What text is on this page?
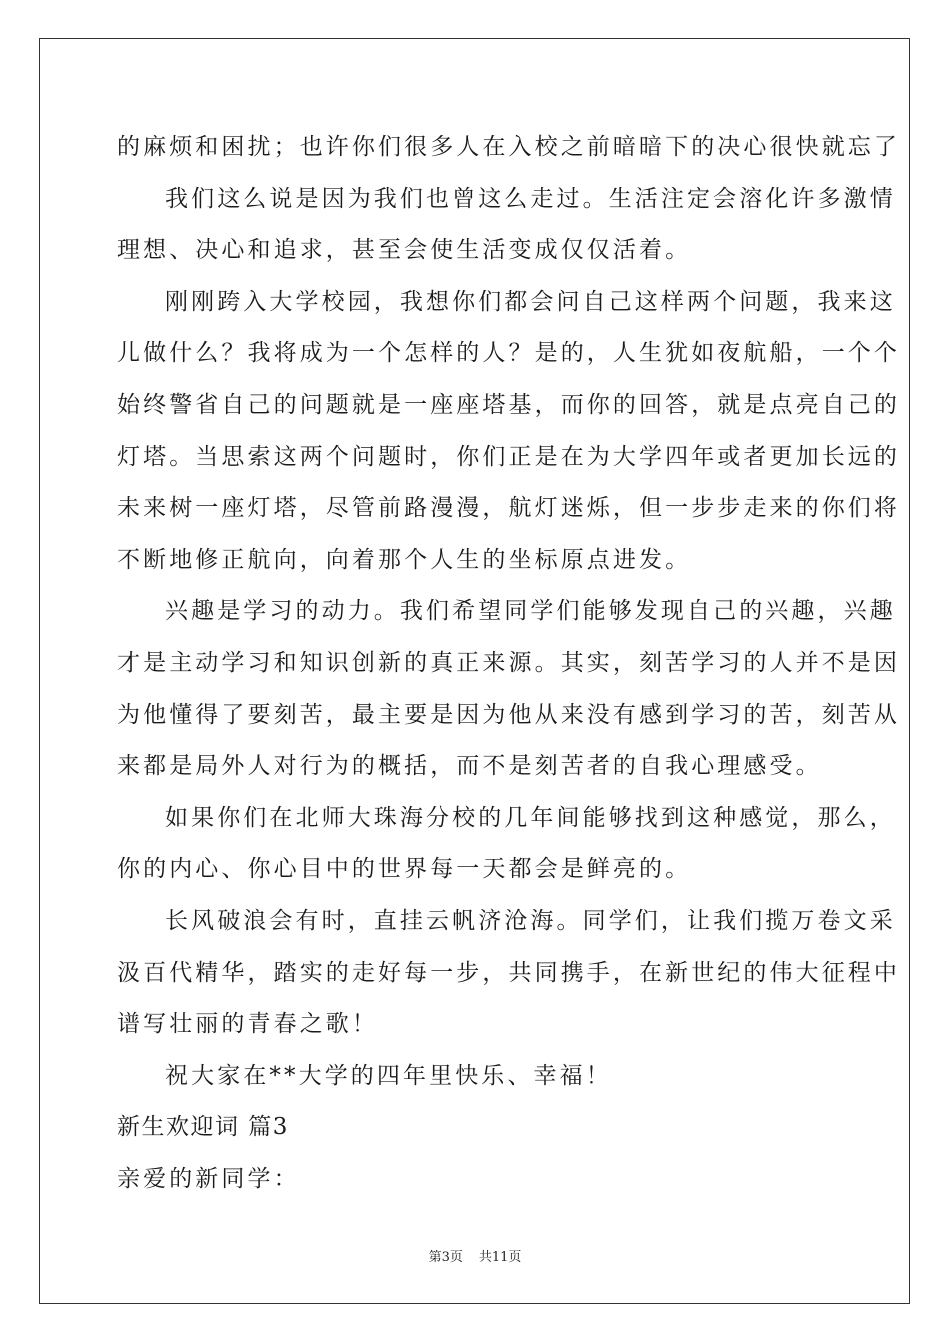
的麻烦和困扰；也许你们很多人在入校之前暗暗下的决心很快就忘了
我们这么说是因为我们也曾这么走过。生活注定会溶化许多激情
理想、决心和追求，甚至会使生活变成仅仅活着。
刚刚跨入大学校园，我想你们都会问自己这样两个问题，我来这
儿做什么？我将成为一个怎样的人？是的，人生犹如夜航船，一个个
始终警省自己的问题就是一座座塔基，而你的回答，就是点亮自己的
灯塔。当思索这两个问题时，你们正是在为大学四年或者更加长远的
未来树一座灯塔，尽管前路漫漫，航灯迷烁，但一步步走来的你们将
不断地修正航向，向着那个人生的坐标原点进发。
兴趣是学习的动力。我们希望同学们能够发现自己的兴趣，兴趣
才是主动学习和知识创新的真正来源。其实，刻苦学习的人并不是因
为他懂得了要刻苦，最主要是因为他从来没有感到学习的苦，刻苦从
来都是局外人对行为的概括，而不是刻苦者的自我心理感受。
如果你们在北师大珠海分校的几年间能够找到这种感觉，那么，
你的内心、你心目中的世界每一天都会是鲜亮的。
长风破浪会有时，直挂云帆济沧海。同学们，让我们揽万卷文采
汲百代精华，踏实的走好每一步，共同携手，在新世纪的伟大征程中
谱写壮丽的青春之歌！
祝大家在**大学的四年里快乐、幸福！
新生欢迎词 篇3
亲爱的新同学：
第3页 共11页
